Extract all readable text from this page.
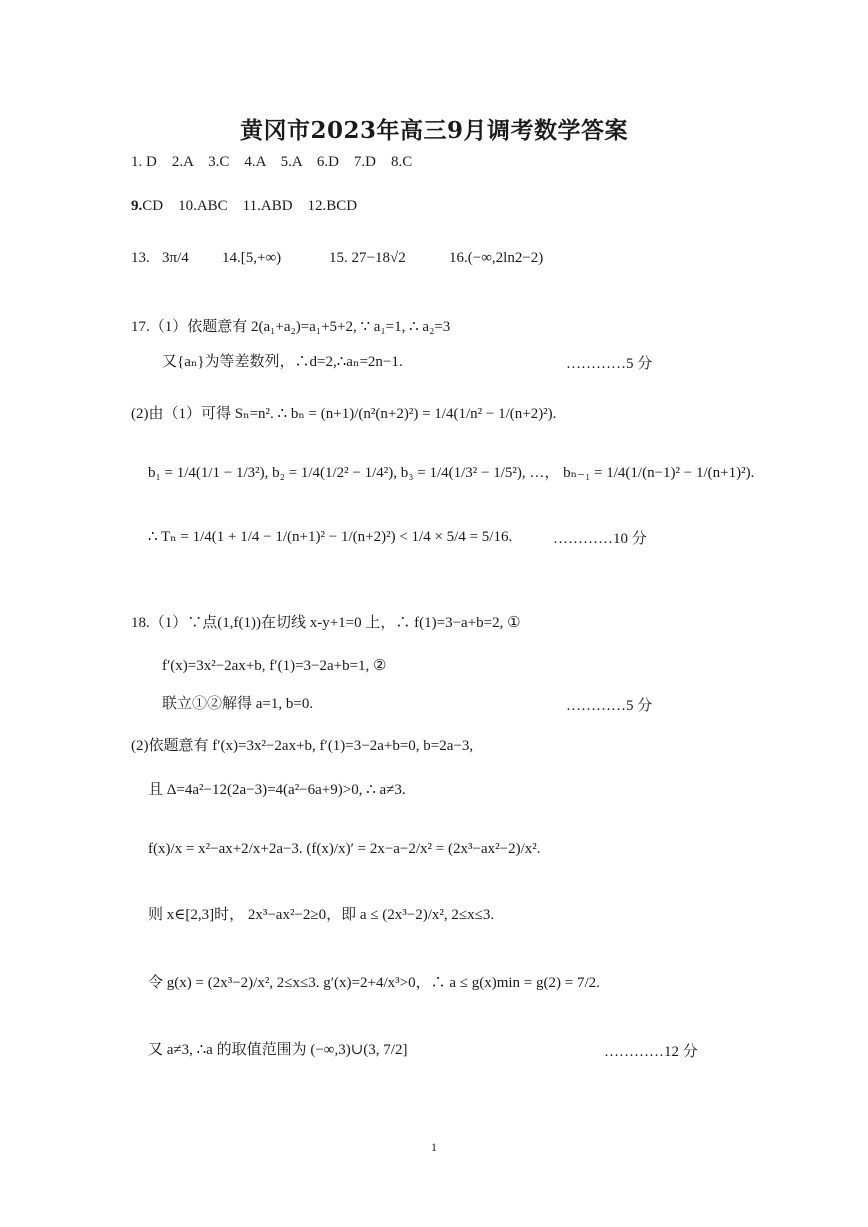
黄冈市2023年高三9月调考数学答案
1. D　2.A　3.C　4.A　5.A　6.D　7.D　8.C
9.CD　10.ABC　11.ABD　12.BCD
13. 3π/4 14.[5,+∞)	15. 27−18√2	16.(−∞,2ln2−2)
17.（1）依题意有 2(a₁+a₂)=a₁+5+2, ∵ a₁=1, ∴ a₂=3
又{aₙ}为等差数列，∴d=2,∴aₙ=2n−1.	…………5 分
(2)由（1）可得 Sₙ=n². ∴ bₙ = (n+1)/(n²(n+2)²) = 1/4(1/n² − 1/(n+2)²).
b₁ = 1/4(1/1 − 1/3²), b₂ = 1/4(1/2² − 1/4²), b₃ = 1/4(1/3² − 1/5²), …， bₙ₋₁ = 1/4(1/(n−1)² − 1/(n+1)²).
∴ Tₙ = 1/4(1 + 1/4 − 1/(n+1)² − 1/(n+2)²) < 1/4 × 5/4 = 5/16.	…………10 分
18.（1）∵点(1,f(1))在切线 x-y+1=0 上，∴ f(1)=3−a+b=2, ①
f′(x)=3x²−2ax+b, f′(1)=3−2a+b=1, ②
联立①②解得 a=1, b=0.	…………5 分
(2)依题意有 f′(x)=3x²−2ax+b, f′(1)=3−2a+b=0, b=2a−3,
且 Δ=4a²−12(2a−3)=4(a²−6a+9)>0, ∴ a≠3.
f(x)/x = x²−ax+2/x+2a−3. (f(x)/x)′ = 2x−a−2/x² = (2x³−ax²−2)/x².
则 x∈[2,3]时， 2x³−ax²−2≥0，即 a ≤ (2x³−2)/x², 2≤x≤3.
令 g(x) = (2x³−2)/x², 2≤x≤3. g′(x)=2+4/x³>0，∴ a ≤ g(x)min = g(2) = 7/2.
又 a≠3, ∴a 的取值范围为 (−∞,3)∪(3, 7/2]	…………12 分
1
